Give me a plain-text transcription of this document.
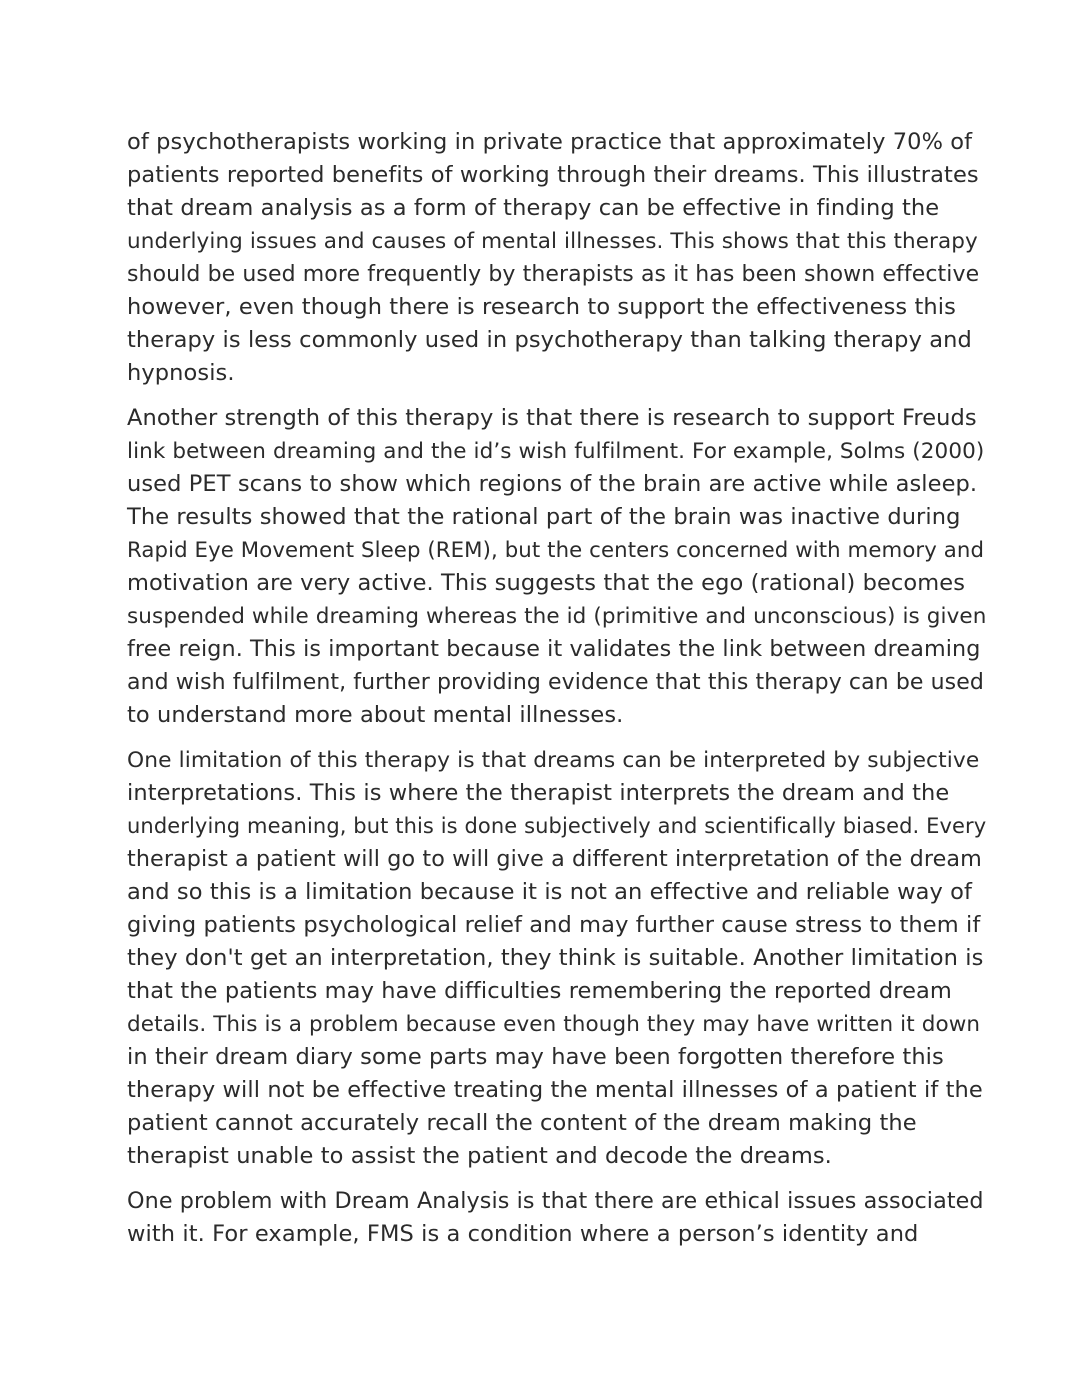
of psychotherapists working in private practice that approximately 70% of
patients reported benefits of working through their dreams. This illustrates
that dream analysis as a form of therapy can be effective in finding the
underlying issues and causes of mental illnesses. This shows that this therapy
should be used more frequently by therapists as it has been shown effective
however, even though there is research to support the effectiveness this
therapy is less commonly used in psychotherapy than talking therapy and
hypnosis.

Another strength of this therapy is that there is research to support Freuds
link between dreaming and the id’s wish fulfilment. For example, Solms (2000)
used PET scans to show which regions of the brain are active while asleep.
The results showed that the rational part of the brain was inactive during
Rapid Eye Movement Sleep (REM), but the centers concerned with memory and
motivation are very active. This suggests that the ego (rational) becomes
suspended while dreaming whereas the id (primitive and unconscious) is given
free reign. This is important because it validates the link between dreaming
and wish fulfilment, further providing evidence that this therapy can be used
to understand more about mental illnesses.

One limitation of this therapy is that dreams can be interpreted by subjective
interpretations. This is where the therapist interprets the dream and the
underlying meaning, but this is done subjectively and scientifically biased. Every
therapist a patient will go to will give a different interpretation of the dream
and so this is a limitation because it is not an effective and reliable way of
giving patients psychological relief and may further cause stress to them if
they don't get an interpretation, they think is suitable. Another limitation is
that the patients may have difficulties remembering the reported dream
details. This is a problem because even though they may have written it down
in their dream diary some parts may have been forgotten therefore this
therapy will not be effective treating the mental illnesses of a patient if the
patient cannot accurately recall the content of the dream making the
therapist unable to assist the patient and decode the dreams.

One problem with Dream Analysis is that there are ethical issues associated
with it. For example, FMS is a condition where a person’s identity and
